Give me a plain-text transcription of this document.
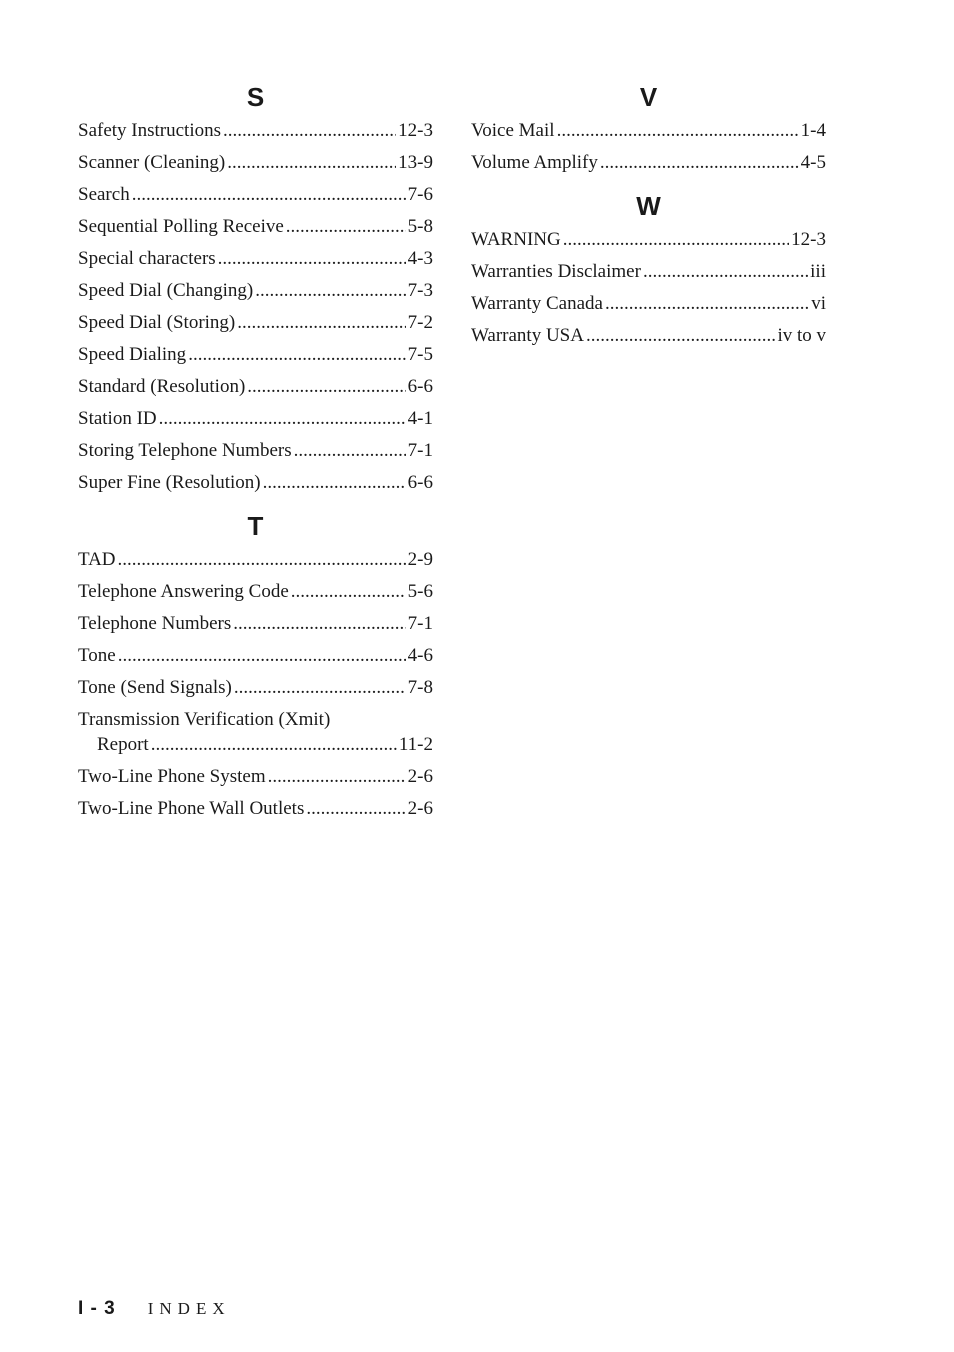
S
Safety Instructions .....	12-3
Scanner (Cleaning) .....	13-9
Search .....	7-6
Sequential Polling Receive .....	5-8
Special characters .....	4-3
Speed Dial (Changing) .....	7-3
Speed Dial (Storing) .....	7-2
Speed Dialing .....	7-5
Standard (Resolution) .....	6-6
Station ID .....	4-1
Storing Telephone Numbers .....	7-1
Super Fine (Resolution) .....	6-6
T
TAD .....	2-9
Telephone Answering Code .....	5-6
Telephone Numbers .....	7-1
Tone .....	4-6
Tone (Send Signals) .....	7-8
Transmission Verification (Xmit)
Report .....	11-2
Two-Line Phone System .....	2-6
Two-Line Phone Wall Outlets .....	2-6
V
Voice Mail .....	1-4
Volume Amplify .....	4-5
W
WARNING .....	12-3
Warranties Disclaimer .....	iii
Warranty Canada .....	vi
Warranty USA .....	iv to v
I - 3 INDEX
